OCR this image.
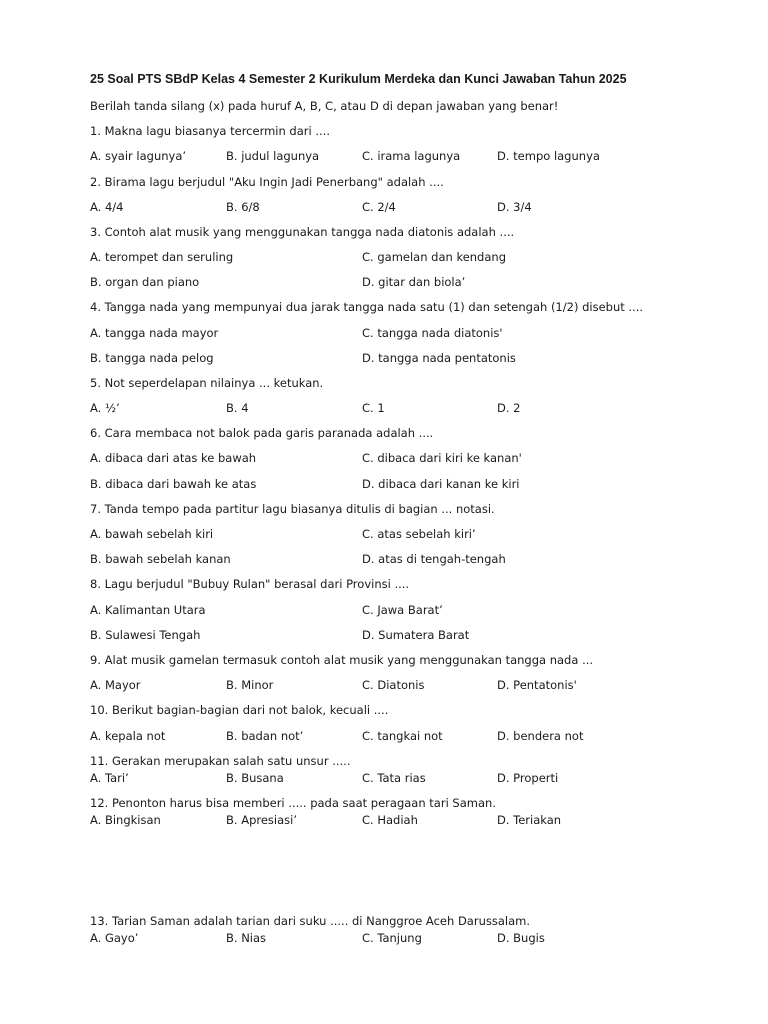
25 Soal PTS SBdP Kelas 4 Semester 2 Kurikulum Merdeka dan Kunci Jawaban Tahun 2025
Berilah tanda silang (x) pada huruf A, B, C, atau D di depan jawaban yang benar!
1. Makna lagu biasanya tercermin dari ....
A. syair lagunya’	B. judul lagunya	C. irama lagunya	D. tempo lagunya
2. Birama lagu berjudul "Aku Ingin Jadi Penerbang" adalah ....
A. 4/4	B. 6/8	C. 2/4	D. 3/4
3. Contoh alat musik yang menggunakan tangga nada diatonis adalah ....
A. terompet dan seruling	C. gamelan dan kendang
B. organ dan piano	D. gitar dan biola’
4. Tangga nada yang mempunyai dua jarak tangga nada satu (1) dan setengah (1/2) disebut ....
A. tangga nada mayor	C. tangga nada diatonis'
B. tangga nada pelog	D. tangga nada pentatonis
5. Not seperdelapan nilainya ... ketukan.
A. ½’	B. 4	C. 1	D. 2
6. Cara membaca not balok pada garis paranada adalah ....
A. dibaca dari atas ke bawah	C. dibaca dari kiri ke kanan'
B. dibaca dari bawah ke atas	D. dibaca dari kanan ke kiri
7. Tanda tempo pada partitur lagu biasanya ditulis di bagian ... notasi.
A. bawah sebelah kiri	C. atas sebelah kiri’
B. bawah sebelah kanan	D. atas di tengah-tengah
8. Lagu berjudul "Bubuy Rulan" berasal dari Provinsi ....
A. Kalimantan Utara	C. Jawa Barat’
B. Sulawesi Tengah	D. Sumatera Barat
9. Alat musik gamelan termasuk contoh alat musik yang menggunakan tangga nada ...
A. Mayor	B. Minor	C. Diatonis	D. Pentatonis'
10. Berikut bagian-bagian dari not balok, kecuali ....
A. kepala not	B. badan not’	C. tangkai not	D. bendera not
11. Gerakan merupakan salah satu unsur .....
A. Tari’	B. Busana	C. Tata rias	D. Properti
12. Penonton harus bisa memberi ..... pada saat peragaan tari Saman.
A. Bingkisan	B. Apresiasi’	C. Hadiah	D. Teriakan
13. Tarian Saman adalah tarian dari suku ..... di Nanggroe Aceh Darussalam.
A. Gayo’	B. Nias	C. Tanjung	D. Bugis
